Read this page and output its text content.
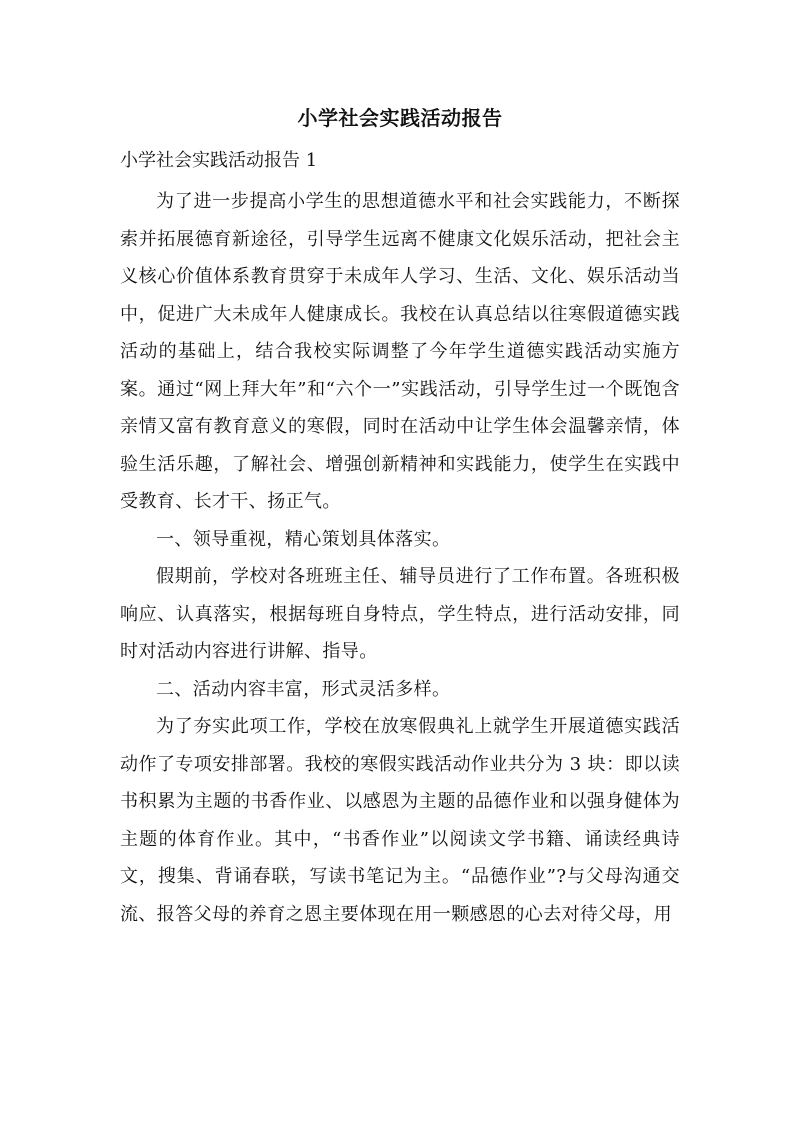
小学社会实践活动报告
小学社会实践活动报告 1

为了进一步提高小学生的思想道德水平和社会实践能力，不断探索并拓展德育新途径，引导学生远离不健康文化娱乐活动，把社会主义核心价值体系教育贯穿于未成年人学习、生活、文化、娱乐活动当中，促进广大未成年人健康成长。我校在认真总结以往寒假道德实践活动的基础上，结合我校实际调整了今年学生道德实践活动实施方案。通过“网上拜大年”和“六个一”实践活动，引导学生过一个既饱含亲情又富有教育意义的寒假，同时在活动中让学生体会温馨亲情，体验生活乐趣，了解社会、增强创新精神和实践能力，使学生在实践中受教育、长才干、扬正气。

一、领导重视，精心策划具体落实。

假期前，学校对各班班主任、辅导员进行了工作布置。各班积极响应、认真落实，根据每班自身特点，学生特点，进行活动安排，同时对活动内容进行讲解、指导。

二、活动内容丰富，形式灵活多样。

为了夯实此项工作，学校在放寒假典礼上就学生开展道德实践活动作了专项安排部署。我校的寒假实践活动作业共分为 3 块：即以读书积累为主题的书香作业、以感恩为主题的品德作业和以强身健体为主题的体育作业。其中，“书香作业”以阅读文学书籍、诵读经典诗文，搜集、背诵春联，写读书笔记为主。“品德作业”?与父母沟通交流、报答父母的养育之恩主要体现在用一颗感恩的心去对待父母，用
